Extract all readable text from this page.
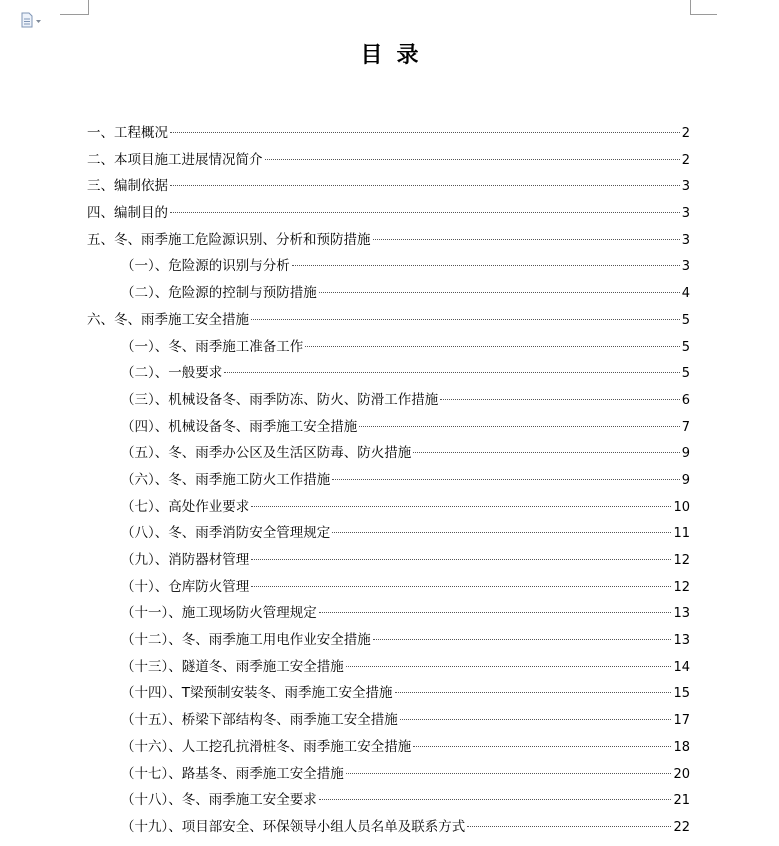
目录
一、工程概况	2
二、本项目施工进展情况简介	2
三、编制依据	3
四、编制目的	3
五、冬、雨季施工危险源识别、分析和预防措施	3
（一）、危险源的识别与分析	3
（二）、危险源的控制与预防措施	4
六、冬、雨季施工安全措施	5
（一）、冬、雨季施工准备工作	5
（二）、一般要求	5
（三）、机械设备冬、雨季防冻、防火、防滑工作措施	6
（四）、机械设备冬、雨季施工安全措施	7
（五）、冬、雨季办公区及生活区防毒、防火措施	9
（六）、冬、雨季施工防火工作措施	9
（七）、高处作业要求	10
（八）、冬、雨季消防安全管理规定	11
（九）、消防器材管理	12
（十）、仓库防火管理	12
（十一）、施工现场防火管理规定	13
（十二）、冬、雨季施工用电作业安全措施	13
（十三）、隧道冬、雨季施工安全措施	14
（十四）、T梁预制安装冬、雨季施工安全措施	15
（十五）、桥梁下部结构冬、雨季施工安全措施	17
（十六）、人工挖孔抗滑桩冬、雨季施工安全措施	18
（十七）、路基冬、雨季施工安全措施	20
（十八）、冬、雨季施工安全要求	21
（十九）、项目部安全、环保领导小组人员名单及联系方式	22
